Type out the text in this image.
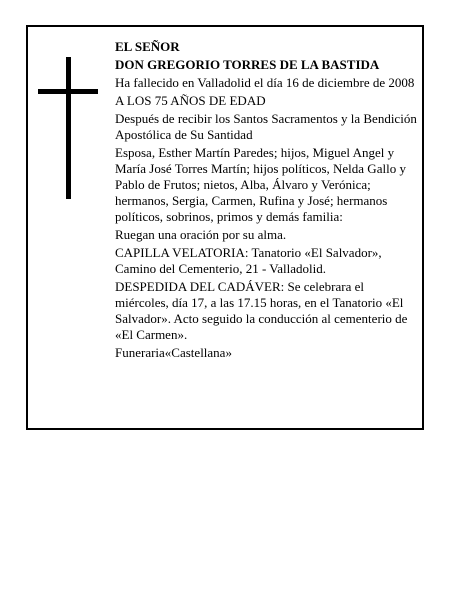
EL SEÑOR

DON GREGORIO TORRES DE LA BASTIDA

Ha fallecido en Valladolid el día 16 de diciembre de 2008

A LOS 75 AÑOS DE EDAD

Después de recibir los Santos Sacramentos y la Bendición Apostólica de Su Santidad

Esposa, Esther Martín Paredes; hijos, Miguel Angel y María José Torres Martín; hijos políticos, Nelda Gallo y Pablo de Frutos; nietos, Alba, Álvaro y Verónica; hermanos, Sergia, Carmen, Rufina y José; hermanos políticos, sobrinos, primos y demás familia:

Ruegan una oración por su alma.

CAPILLA VELATORIA: Tanatorio «El Salvador», Camino del Cementerio, 21 - Valladolid.

DESPEDIDA DEL CADÁVER: Se celebrara el miércoles, día 17, a las 17.15 horas, en el Tanatorio «El Salvador». Acto seguido la conducción al cementerio de «El Carmen».

Funeraria«Castellana»
